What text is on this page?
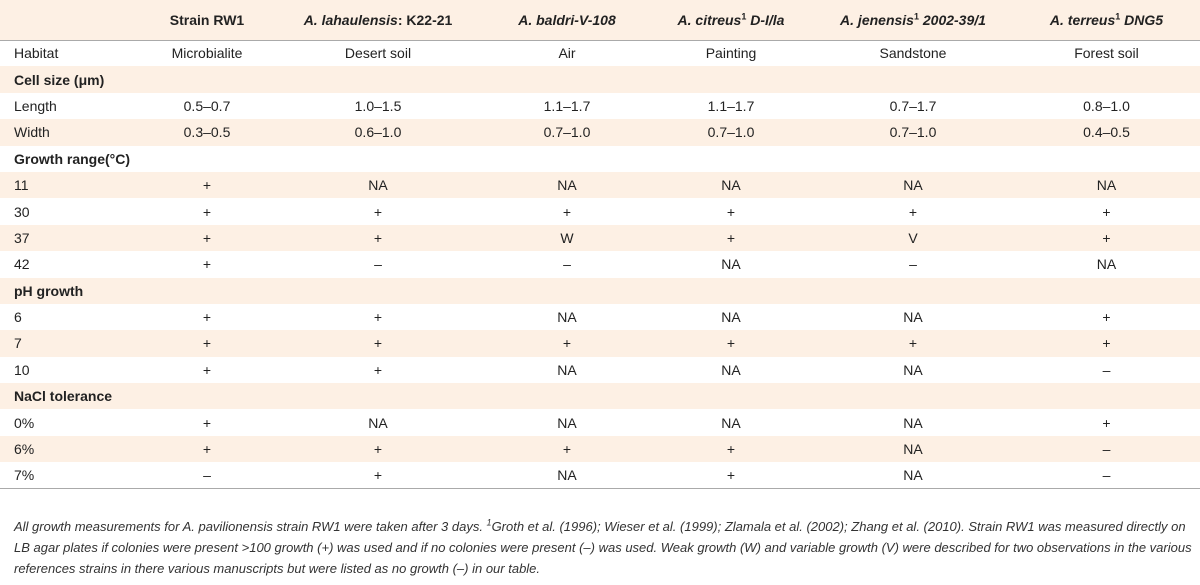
	Strain RW1	A. lahaulensis: K22-21	A. baldri-V-108	A. citreus$^1$ D-I/la	A. jenensis$^1$ 2002-39/1	A. terreus$^1$ DNG5
Habitat	Microbialite	Desert soil	Air	Painting	Sandstone	Forest soil
Cell size (μm)						
Length	0.5–0.7	1.0–1.5	1.1–1.7	1.1–1.7	0.7–1.7	0.8–1.0
Width	0.3–0.5	0.6–1.0	0.7–1.0	0.7–1.0	0.7–1.0	0.4–0.5
Growth range(°C)						
11	+	NA	NA	NA	NA	NA
30	+	+	+	+	+	+
37	+	+	W	+	V	+
42	+	–	–	NA	–	NA
pH growth						
6	+	+	NA	NA	NA	+
7	+	+	+	+	+	+
10	+	+	NA	NA	NA	–
NaCl tolerance						
0%	+	NA	NA	NA	NA	+
6%	+	+	+	+	NA	–
7%	–	+	NA	+	NA	–
All growth measurements for A. pavilionensis strain RW1 were taken after 3 days. $^1$Groth et al. (1996); Wieser et al. (1999); Zlamala et al. (2002); Zhang et al. (2010). Strain RW1 was measured directly on LB agar plates if colonies were present >100 growth (+) was used and if no colonies were present (–) was used. Weak growth (W) and variable growth (V) were described for two observations in the various references strains in there various manuscripts but were listed as no growth (–) in our table.
